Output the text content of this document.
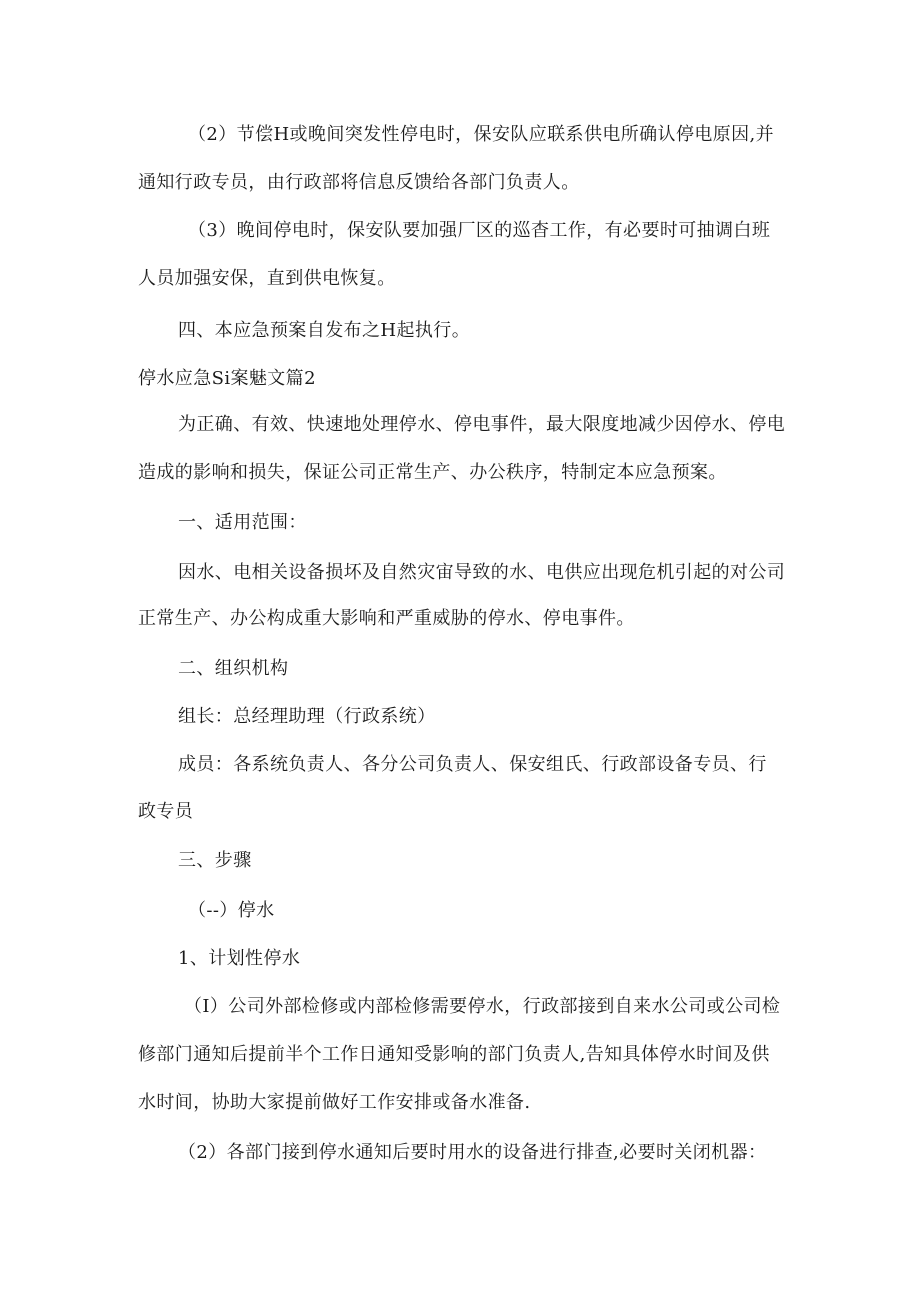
（2）节偿H或晚间突发性停电时，保安队应联系供电所确认停电原因,并
通知行政专员，由行政部将信息反馈给各部门负责人。
（3）晚间停电时，保安队要加强厂区的巡杳工作，有必要时可抽调白班
人员加强安保，直到供电恢复。
四、本应急预案自发布之H起执行。
停水应急Si案魅文篇2
为正确、有效、快速地处理停水、停电事件，最大限度地减少因停水、停电
造成的影响和损失，保证公司正常生产、办公秩序，特制定本应急预案。
一、适用范围：
因水、电相关设备损坏及自然灾宙导致的水、电供应出现危机引起的对公司
正常生产、办公构成重大影响和严重威胁的停水、停电事件。
二、组织机构
组长：总经理助理（行政系统）
成员：各系统负责人、各分公司负责人、保安组氏、行政部设备专员、行
政专员
三、步骤
（--）停水
1、计划性停水
（I）公司外部检修或内部检修需要停水，行政部接到自来水公司或公司检
修部门通知后提前半个工作日通知受影响的部门负责人,告知具体停水时间及供
水时间，协助大家提前做好工作安排或备水准备.
（2）各部门接到停水通知后要时用水的设备进行排查,必要时关闭机器：
